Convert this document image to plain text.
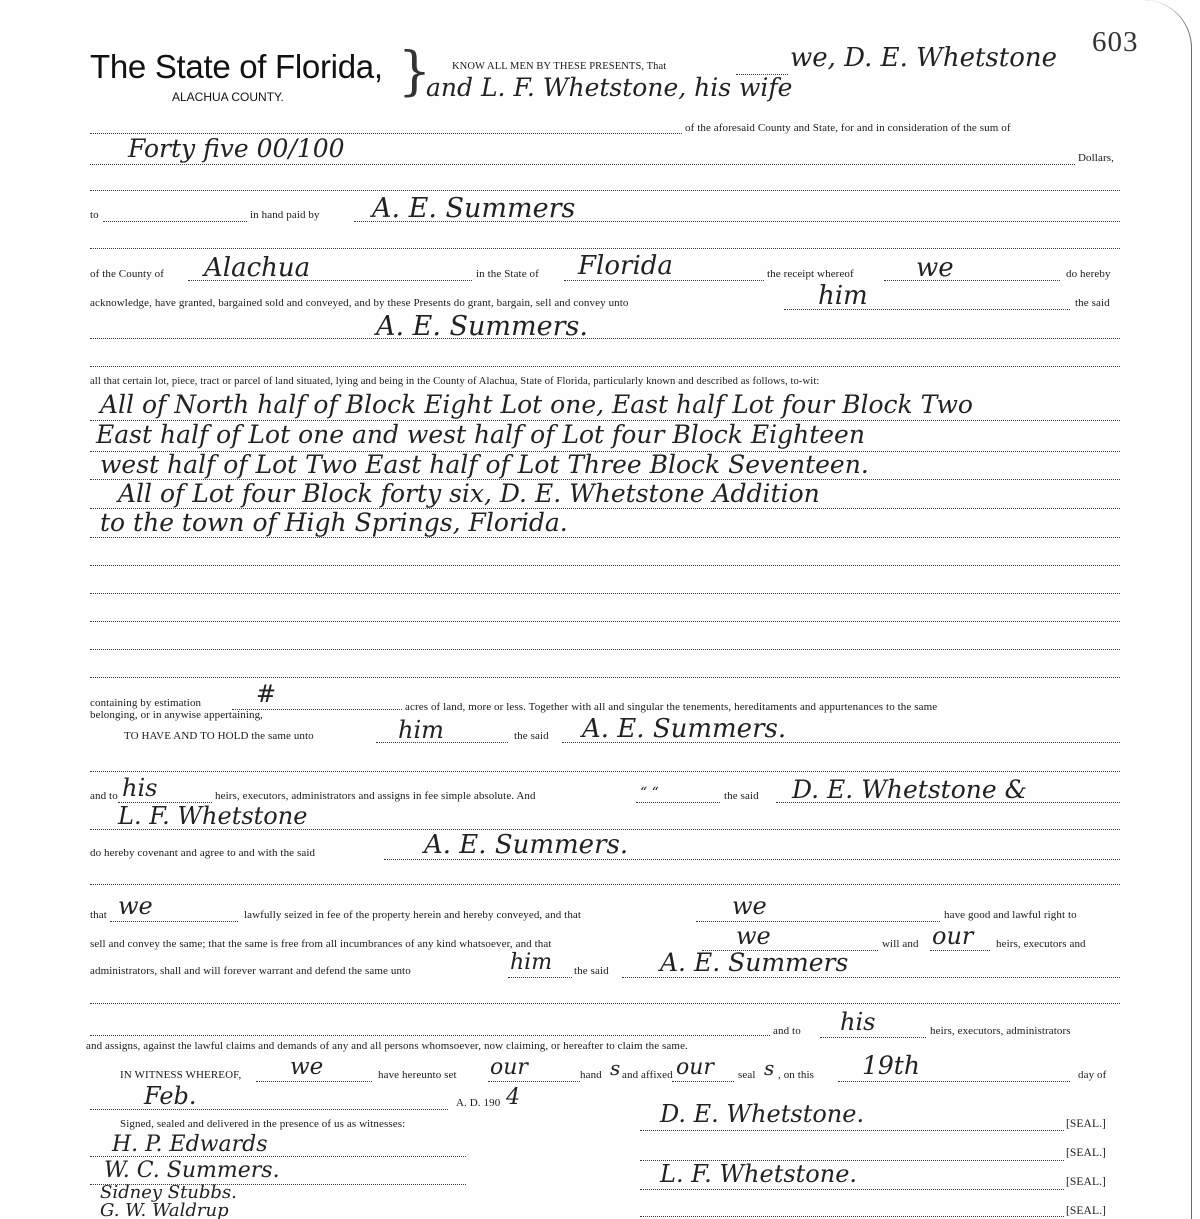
603
The State of Florida,
ALACHUA COUNTY. } KNOW ALL MEN BY THESE PRESENTS, That	we, D. E. Whetstone
and L. F. Whetstone, his wife
of the aforesaid County and State, for and in consideration of the sum of
Forty five 00/100	Dollars,
to	in hand paid by A. E. Summers
of the County of Alachua	in the State of Florida	the receipt whereof we	do hereby
acknowledge, have granted, bargained sold and conveyed, and by these Presents do grant, bargain, sell and convey unto	him	the said
A. E. Summers.
all that certain lot, piece, tract or parcel of land situated, lying and being in the County of Alachua, State of Florida, particularly known and described as follows, to-wit:
All of North half of Block Eight Lot one, East half Lot four Block Two
East half of Lot one and west half of Lot four Block Eighteen
west half of Lot Two East half of Lot Three Block Seventeen.
All of Lot four Block forty six, D. E. Whetstone Addition
to the town of High Springs, Florida.
containing by estimation #	acres of land, more or less. Together with all and singular the tenements, hereditaments and appurtenances to the same
belonging, or in anywise appertaining,
TO HAVE AND TO HOLD the same unto	him	the said A. E. Summers.
and to his	heirs, executors, administrators and assigns in fee simple absolute. And	“ “	the said D. E. Whetstone &
L. F. Whetstone
do hereby covenant and agree to and with the said	A. E. Summers.
that we	lawfully seized in fee of the property herein and hereby conveyed, and that	we	have good and lawful right to
sell and convey the same; that the same is free from all incumbrances of any kind whatsoever, and that	we	will and our heirs, executors and
administrators, shall and will forever warrant and defend the same unto	him the said A. E. Summers
and to his	heirs, executors, administrators
and assigns, against the lawful claims and demands of any and all persons whomsoever, now claiming, or hereafter to claim the same.
IN WITNESS WHEREOF, we	have hereunto set our	hand s and affixed our seal s , on this 19th	day of
Feb.	A. D. 190 4
Signed, sealed and delivered in the presence of us as witnesses:	D. E. Whetstone.	[SEAL.]
H. P. Edwards	[SEAL.]
W. C. Summers.	L. F. Whetstone.	[SEAL.]
Sidney Stubbs.
G. W. Waldrup	[SEAL.]
